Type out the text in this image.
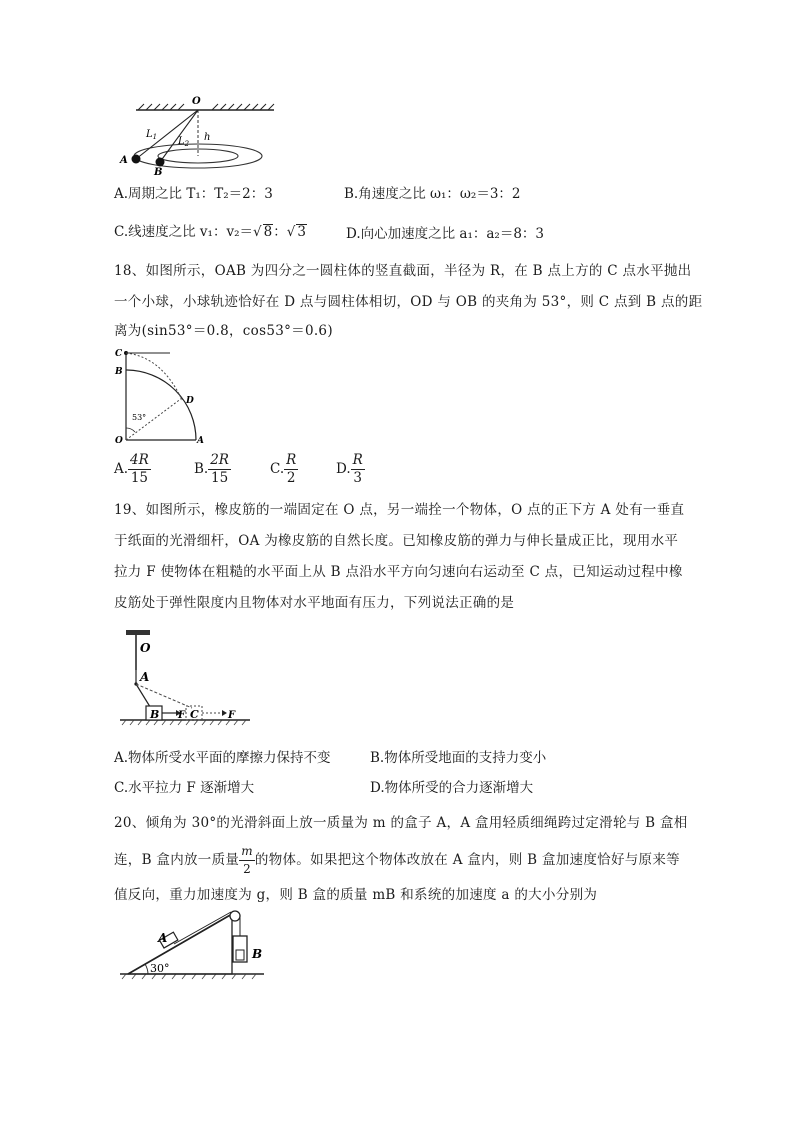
O
$L_1$ $L_2$
h
A
B
A.周期之比 T₁：T₂＝2：3	B.角速度之比 ω₁：ω₂＝3：2
C.线速度之比 v₁：v₂＝√ 8：√ 3	D.向心加速度之比 a₁：a₂＝8：3
18、如图所示，OAB 为四分之一圆柱体的竖直截面，半径为 R，在 B 点上方的 C 点水平抛出
一个小球，小球轨迹恰好在 D 点与圆柱体相切，OD 与 OB 的夹角为 53°，则 C 点到 B 点的距
离为(sin53°＝0.8，cos53°＝0.6)
C
B
D
O	A
53°
A. $\frac{4R}{15}$	B. $\frac{2R}{15}$	C. $\frac{R}{2}$	D. $\frac{R}{3}$
19、如图所示，橡皮筋的一端固定在 O 点，另一端拴一个物体，O 点的正下方 A 处有一垂直
于纸面的光滑细杆，OA 为橡皮筋的自然长度。已知橡皮筋的弹力与伸长量成正比，现用水平
拉力 F 使物体在粗糙的水平面上从 B 点沿水平方向匀速向右运动至 C 点，已知运动过程中橡
皮筋处于弹性限度内且物体对水平地面有压力，下列说法正确的是
O
A
B F C	F
A.物体所受水平面的摩擦力保持不变	B.物体所受地面的支持力变小
C.水平拉力 F 逐渐增大	D.物体所受的合力逐渐增大
20、倾角为 30°的光滑斜面上放一质量为 m 的盒子 A，A 盒用轻质细绳跨过定滑轮与 B 盒相
连，B 盒内放一质量 $\frac{m}{2}$ 的物体。如果把这个物体改放在 A 盒内，则 B 盒加速度恰好与原来等
值反向，重力加速度为 g，则 B 盒的质量 mB 和系统的加速度 a 的大小分别为
A
B
30°
